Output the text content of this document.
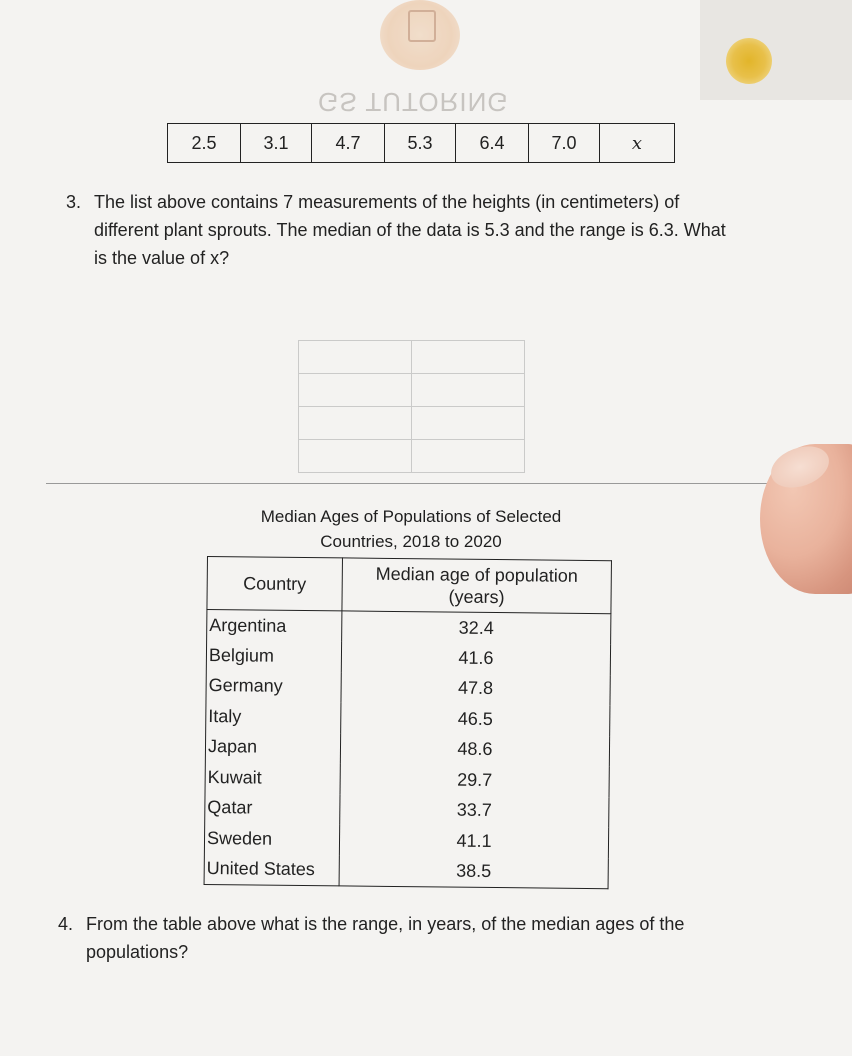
GS TUTORING
2.5	3.1	4.7	5.3	6.4	7.0	x
3. The list above contains 7 measurements of the heights (in centimeters) of
different plant sprouts. The median of the data is 5.3 and the range is 6.3. What
is the value of x?

Median Ages of Populations of Selected
Countries, 2018 to 2020
Country	Median age of population
(years)

Argentina	32.4
Belgium	41.6
Germany	47.8
Italy	46.5
Japan	48.6
Kuwait	29.7
Qatar	33.7
Sweden	41.1
United States	38.5
4. From the table above what is the range, in years, of the median ages of the
populations?
